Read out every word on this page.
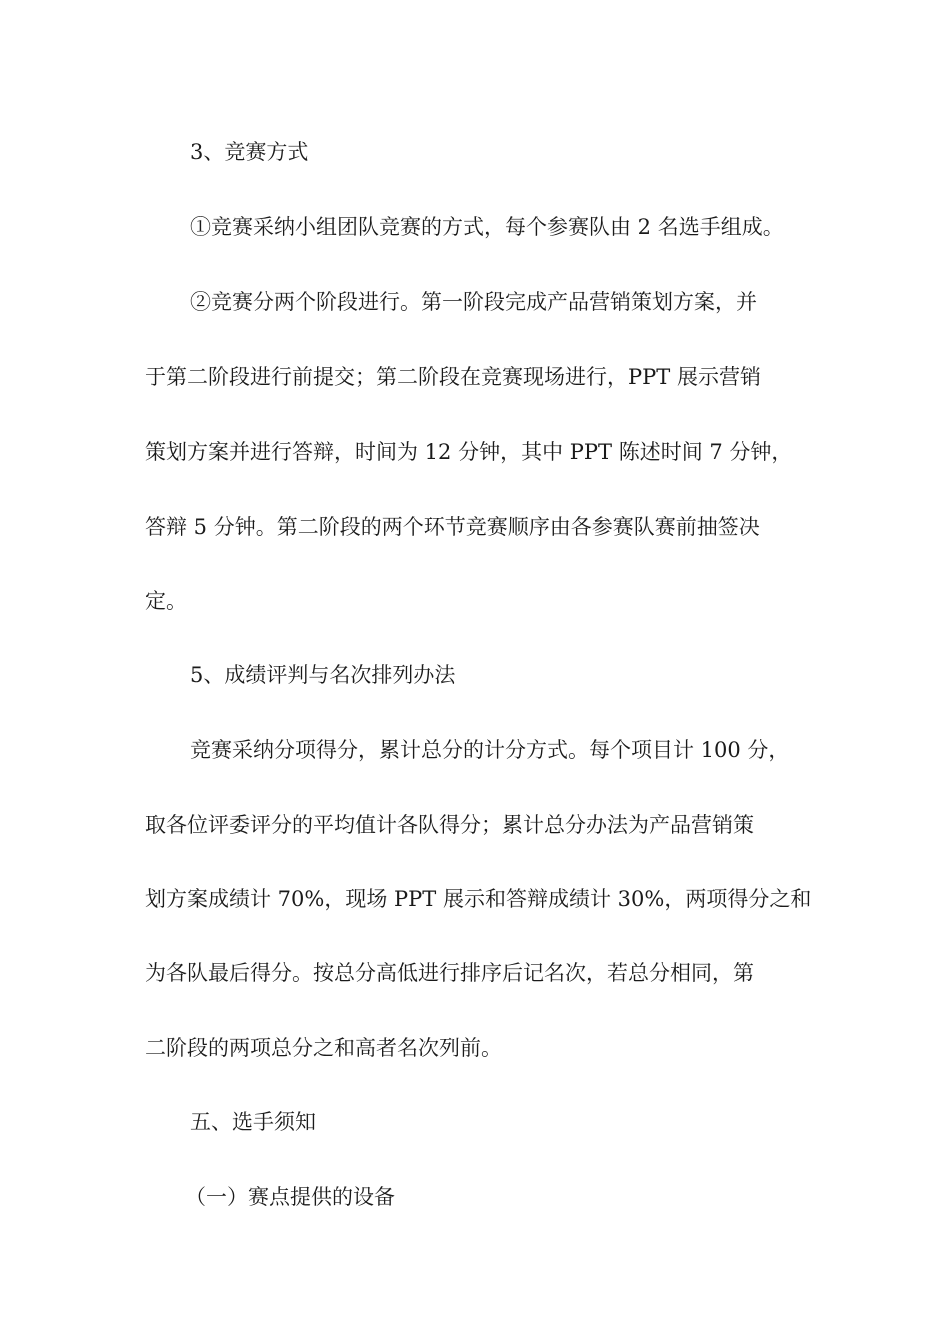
3、竞赛方式
①竞赛采纳小组团队竞赛的方式，每个参赛队由 2 名选手组成。
②竞赛分两个阶段进行。第一阶段完成产品营销策划方案，并
于第二阶段进行前提交；第二阶段在竞赛现场进行，PPT 展示营销
策划方案并进行答辩，时间为 12 分钟，其中 PPT 陈述时间 7 分钟，
答辩 5 分钟。第二阶段的两个环节竞赛顺序由各参赛队赛前抽签决
定。
5、成绩评判与名次排列办法
竞赛采纳分项得分，累计总分的计分方式。每个项目计 100 分，
取各位评委评分的平均值计各队得分；累计总分办法为产品营销策
划方案成绩计 70%，现场 PPT 展示和答辩成绩计 30%，两项得分之和
为各队最后得分。按总分高低进行排序后记名次，若总分相同，第
二阶段的两项总分之和高者名次列前。
五、选手须知
（一）赛点提供的设备
